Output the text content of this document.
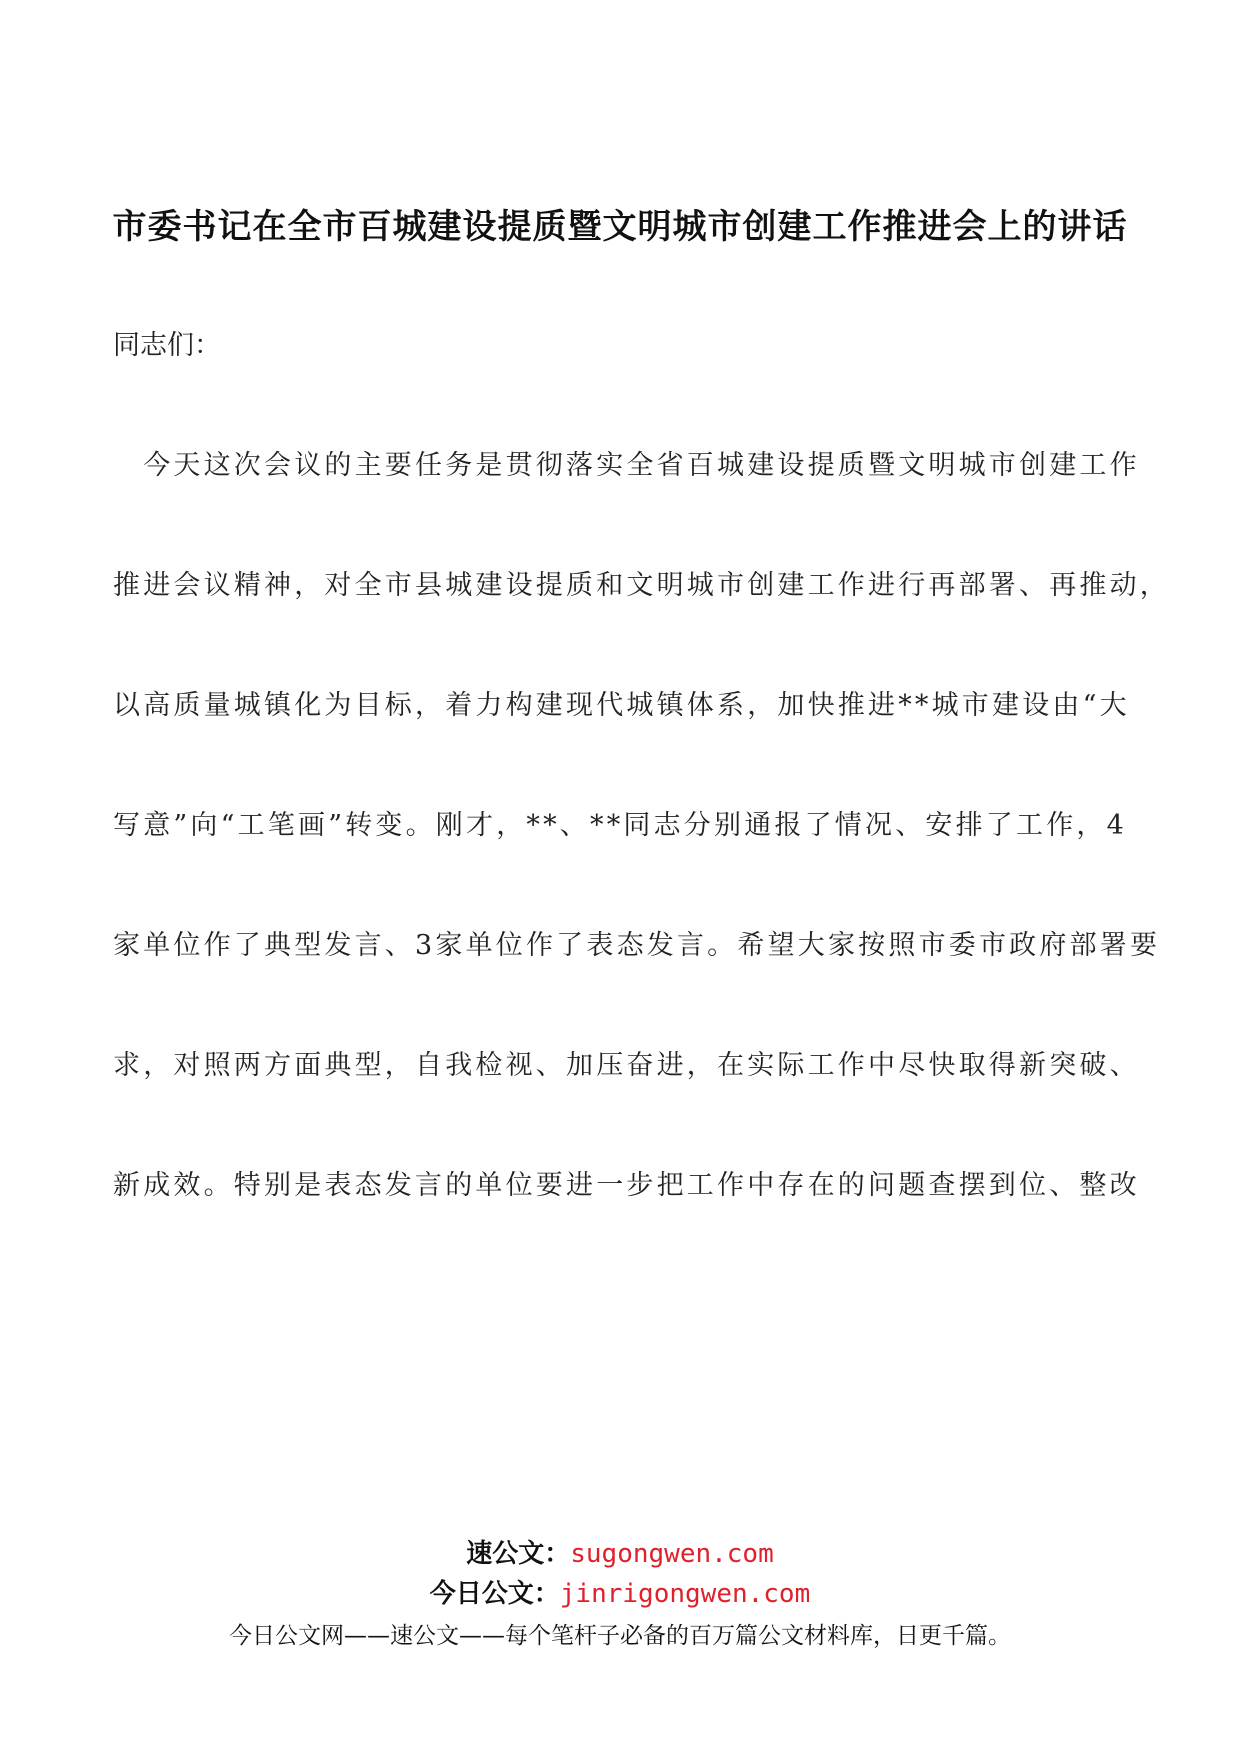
市委书记在全市百城建设提质暨文明城市创建工作推进会上的讲话
同志们：
　今天这次会议的主要任务是贯彻落实全省百城建设提质暨文明城市创建工作
推进会议精神，对全市县城建设提质和文明城市创建工作进行再部署、再推动，
以高质量城镇化为目标，着力构建现代城镇体系，加快推进**城市建设由“大
写意”向“工笔画”转变。刚才，**、**同志分别通报了情况、安排了工作，4
家单位作了典型发言、3家单位作了表态发言。希望大家按照市委市政府部署要
求，对照两方面典型，自我检视、加压奋进，在实际工作中尽快取得新突破、
新成效。特别是表态发言的单位要进一步把工作中存在的问题查摆到位、整改
速公文：sugongwen.com
今日公文：jinrigongwen.com
今日公文网——速公文——每个笔杆子必备的百万篇公文材料库，日更千篇。
